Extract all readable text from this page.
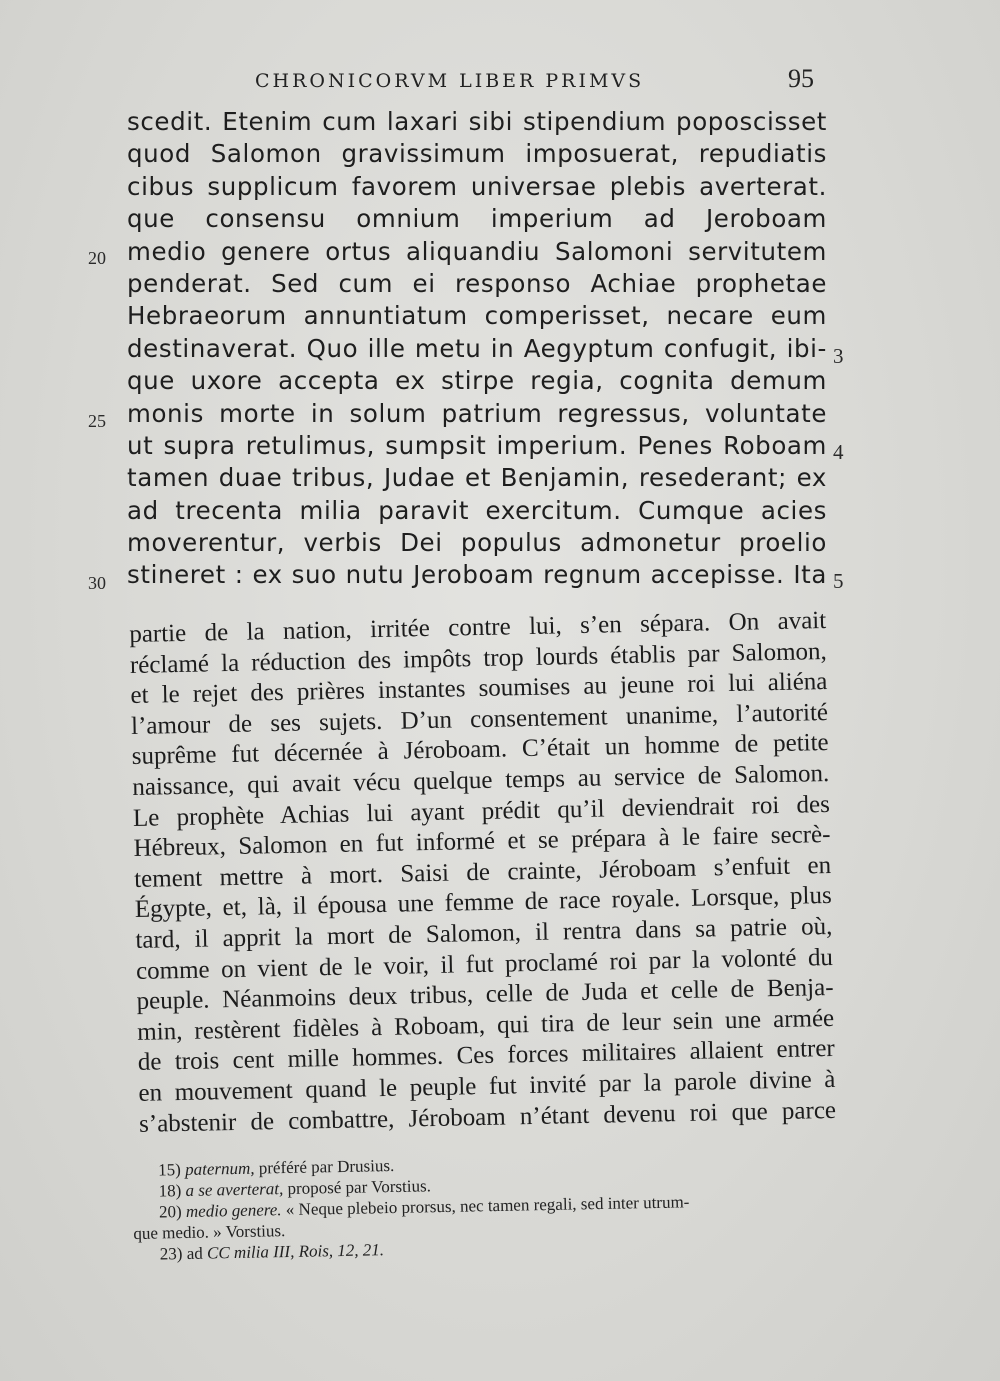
CHRONICORVM LIBER PRIMVS	95
scedit. Etenim cum laxari sibi stipendium poposcisset
quod Salomon gravissimum imposuerat, repudiatis
cibus supplicum favorem universae plebis averterat.
que consensu omnium imperium ad Jeroboam
medio genere ortus aliquandiu Salomoni servitutem
penderat. Sed cum ei responso Achiae prophetae
Hebraeorum annuntiatum comperisset, necare eum
destinaverat. Quo ille metu in Aegyptum confugit, ibi-
que uxore accepta ex stirpe regia, cognita demum
monis morte in solum patrium regressus, voluntate
ut supra retulimus, sumpsit imperium. Penes Roboam
tamen duae tribus, Judae et Benjamin, resederant; ex
ad trecenta milia paravit exercitum. Cumque acies
moverentur, verbis Dei populus admonetur proelio
stineret : ex suo nutu Jeroboam regnum accepisse. Ita
20
25
30
3
4
5
partie de la nation, irritée contre lui, s’en sépara. On avait
réclamé la réduction des impôts trop lourds établis par Salomon,
et le rejet des prières instantes soumises au jeune roi lui aliéna
l’amour de ses sujets. D’un consentement unanime, l’autorité
suprême fut décernée à Jéroboam. C’était un homme de petite
naissance, qui avait vécu quelque temps au service de Salomon.
Le prophète Achias lui ayant prédit qu’il deviendrait roi des
Hébreux, Salomon en fut informé et se prépara à le faire secrè-
tement mettre à mort. Saisi de crainte, Jéroboam s’enfuit en
Égypte, et, là, il épousa une femme de race royale. Lorsque, plus
tard, il apprit la mort de Salomon, il rentra dans sa patrie où,
comme on vient de le voir, il fut proclamé roi par la volonté du
peuple. Néanmoins deux tribus, celle de Juda et celle de Benja-
min, restèrent fidèles à Roboam, qui tira de leur sein une armée
de trois cent mille hommes. Ces forces militaires allaient entrer
en mouvement quand le peuple fut invité par la parole divine à
s’abstenir de combattre, Jéroboam n’étant devenu roi que parce
15) paternum, préféré par Drusius.
18) a se averterat, proposé par Vorstius.
20) medio genere. « Neque plebeio prorsus, nec tamen regali, sed inter utrum-
que medio. » Vorstius.
23) ad CC milia III, Rois, 12, 21.
